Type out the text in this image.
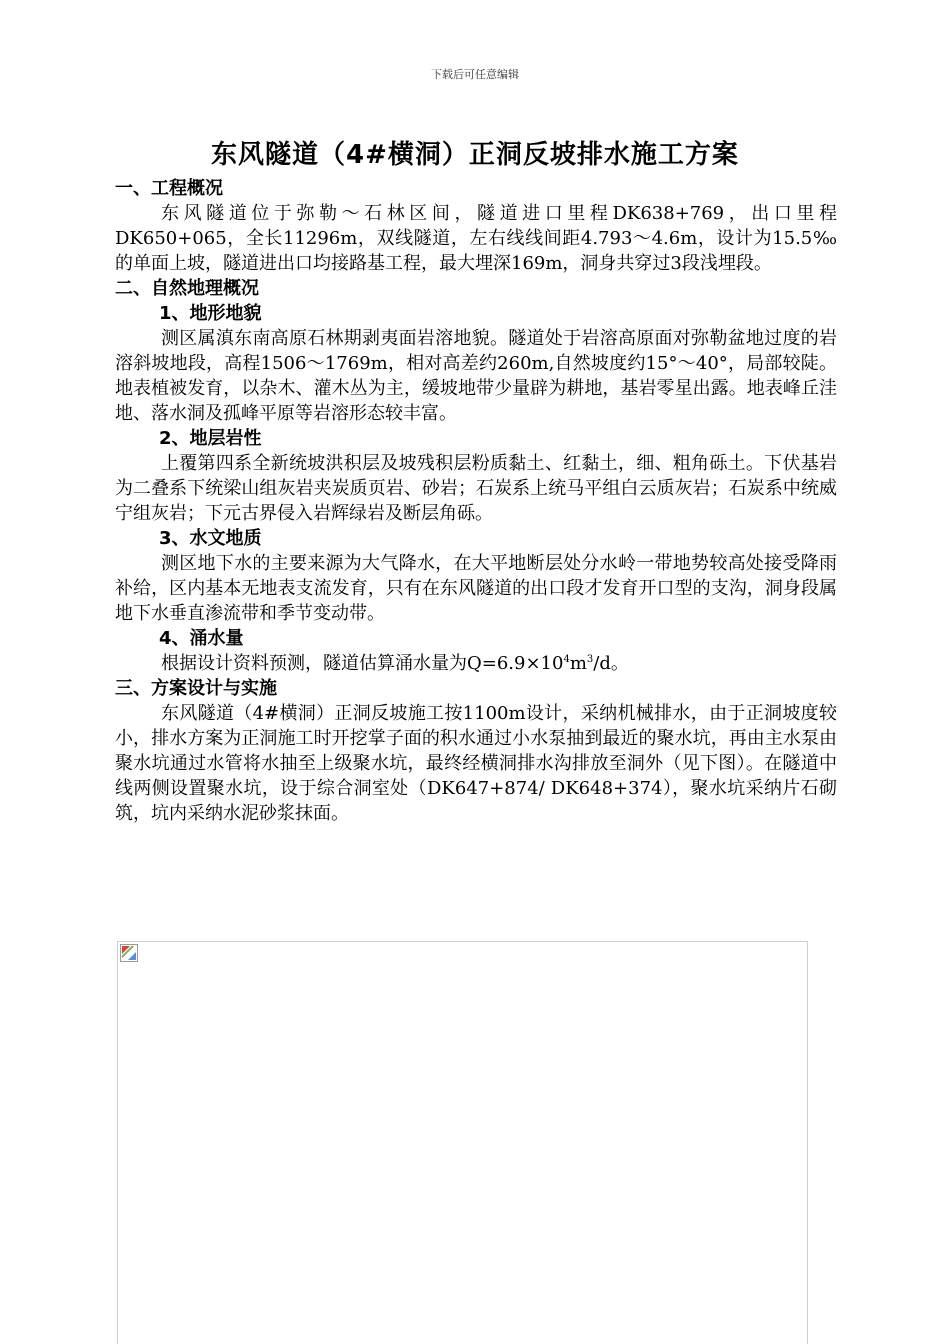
下载后可任意编辑
东风隧道（4#横洞）正洞反坡排水施工方案
一、工程概况

东风隧道位于弥勒～石林区间，隧道进口里程DK638+769，出口里程DK650+065，全长11296m，双线隧道，左右线线间距4.793～4.6m，设计为15.5‰的单面上坡，隧道进出口均接路基工程，最大埋深169m，洞身共穿过3段浅埋段。

二、自然地理概况
1、地形地貌

测区属滇东南高原石林期剥夷面岩溶地貌。隧道处于岩溶高原面对弥勒盆地过度的岩溶斜坡地段，高程1506～1769m，相对高差约260m,自然坡度约15°～40°，局部较陡。地表植被发育，以杂木、灌木丛为主，缓坡地带少量辟为耕地，基岩零星出露。地表峰丘洼地、落水洞及孤峰平原等岩溶形态较丰富。

2、地层岩性

上覆第四系全新统坡洪积层及坡残积层粉质黏土、红黏土，细、粗角砾土。下伏基岩为二叠系下统梁山组灰岩夹炭质页岩、砂岩；石炭系上统马平组白云质灰岩；石炭系中统威宁组灰岩；下元古界侵入岩辉绿岩及断层角砾。

3、水文地质

测区地下水的主要来源为大气降水，在大平地断层处分水岭一带地势较高处接受降雨补给，区内基本无地表支流发育，只有在东风隧道的出口段才发育开口型的支沟，洞身段属地下水垂直渗流带和季节变动带。

4、涌水量

根据设计资料预测，隧道估算涌水量为$Q=6.9\times 10^4m^3/d$。

三、方案设计与实施

东风隧道（4#横洞）正洞反坡施工按1100m设计，采纳机械排水，由于正洞坡度较小，排水方案为正洞施工时开挖掌子面的积水通过小水泵抽到最近的聚水坑，再由主水泵由聚水坑通过水管将水抽至上级聚水坑，最终经横洞排水沟排放至洞外（见下图）。在隧道中线两侧设置聚水坑，设于综合洞室处（DK647+874/ DK648+374），聚水坑采纳片石砌筑，坑内采纳水泥砂浆抹面。
